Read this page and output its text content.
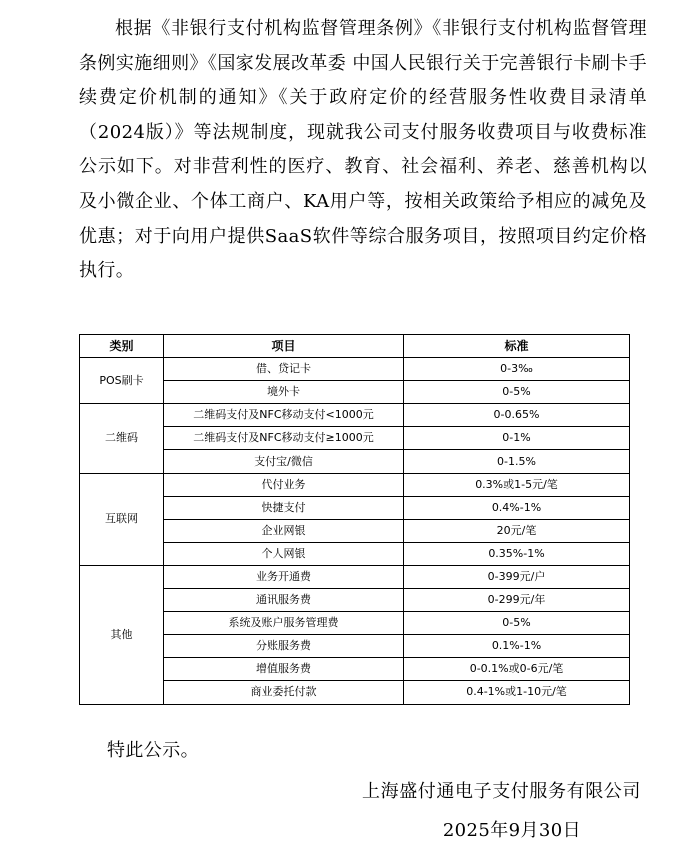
根据《非银行支付机构监督管理条例》《非银行支付机构监督管理条例实施细则》《国家发展改革委 中国人民银行关于完善银行卡刷卡手续费定价机制的通知》《关于政府定价的经营服务性收费目录清单（2024版）》等法规制度，现就我公司支付服务收费项目与收费标准公示如下。对非营利性的医疗、教育、社会福利、养老、慈善机构以及小微企业、个体工商户、KA用户等，按相关政策给予相应的减免及优惠；对于向用户提供SaaS软件等综合服务项目，按照项目约定价格执行。

类别	项目	标准
POS刷卡	借、贷记卡	0-3‰
	境外卡	0-5%
二维码	二维码支付及NFC移动支付<1000元	0-0.65%
	二维码支付及NFC移动支付≥1000元	0-1%
	支付宝/微信	0-1.5%
互联网	代付业务	0.3%或1-5元/笔
	快捷支付	0.4%-1%
	企业网银	20元/笔
	个人网银	0.35%-1%
其他	业务开通费	0-399元/户
	通讯服务费	0-299元/年
	系统及账户服务管理费	0-5%
	分账服务费	0.1%-1%
	增值服务费	0-0.1%或0-6元/笔
	商业委托付款	0.4-1%或1-10元/笔

特此公示。

上海盛付通电子支付服务有限公司

2025年9月30日
